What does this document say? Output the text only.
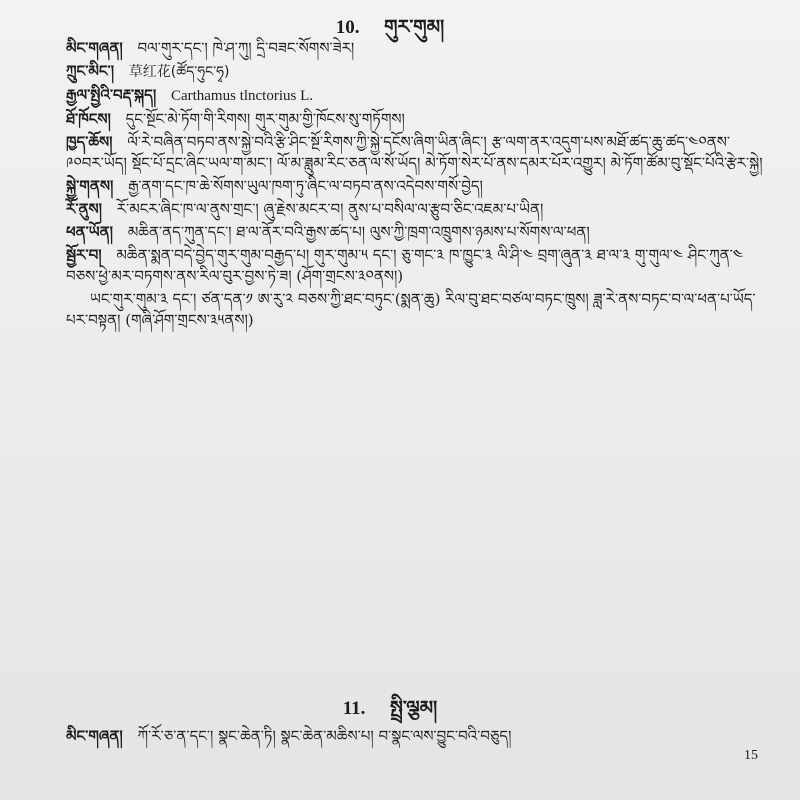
10. གུར་གུམ།

མིང་གཞན། བལ་གུར་དང་། ཁེ་ཤ་ཀུ། དྲི་བཟང་སོགས་ཟེར།

ཀྲུང་མིང་། 草红花(ཚོད་ཧུང་ཧྭ)

རྒྱལ་སྤྱིའི་བརྡ་སྐད། Carthamus tlnctorius L.

ཐོ་ཁོངས། དུང་སྔོང་མེ་ཏོག་གི་རིགས། གུར་གུམ་གྱི་ཁོངས་སུ་གཏོགས།

ཁྱད་ཆོས། ལོ་རེ་བཞིན་བཏབ་ནས་སྐྱེ་བའི་རྩི་ཤིང་སྔོ་རིགས་ཀྱི་སྐྱེ་དངོས་ཞིག་ཡིན་ཞིང་། རྩ་ལག་ནར་འདུག་པས་མཐོ་ཚད་ཆུ་ཚད་༤༠ནས་༩༠བར་ཡོད། སྡོང་པོ་དྲང་ཞིང་ཡལ་ག་མང་། ལོ་མ་ཟླུམ་རིང་ཅན་ལ་སོ་ཡོད། མེ་ཏོག་སེར་པོ་ནས་དམར་པོར་འགྱུར། མེ་ཏོག་ཚོམ་བུ་སྡོང་པོའི་རྩེར་སྐྱེ།

སྐྱེ་གནས། རྒྱ་ནག་དང་ཁ་ཆེ་སོགས་ཡུལ་ཁག་ཏུ་ཞིང་ལ་བཏབ་ནས་འདེབས་གསོ་བྱེད།

རོ་ནུས། རོ་མངར་ཞིང་ཁ་ལ་ནུས་གྲང་། ཞུ་རྗེས་མངར་བ། ནུས་པ་བསིལ་ལ་རྩུབ་ཅིང་འཇམ་པ་ཡིན།

ཕན་ཡོན། མཆིན་ནད་ཀུན་དང་། ཐ་ལ་ནོར་བའི་རྒྱས་ཚད་པ། ལུས་ཀྱི་ཁྲག་འཁྲུགས་ཉམས་པ་སོགས་ལ་ཕན།

སྦྱོར་བ། མཆིན་སྨན་བདེ་བྱེད་གུར་གུམ་བརྒྱད་པ། གུར་གུམ་༥ དང་། ཅུ་གང་༣ ཁ་ཁྱུང་༣ ལི་ཤི་༤ བྲག་ཞུན་༣ ཐ་ལ་༣ གུ་གུལ་༤ ཤིང་ཀུན་༤ བཅས་ཕྱེ་མར་བཏགས་ནས་རིལ་བུར་བྱས་ཏེ་ཟ། (ཤོག་གྲངས་༣༠ནས།)

ཡང་གུར་གུམ་༣ དང་། ཙན་དན་༡ ཨ་རུ་༢ བཅས་ཀྱི་ཐང་བཏུང་(སྨན་ཆུ) རིལ་བུ་ཐང་བཙལ་བཏང་ཁྲུས། ཟླ་རེ་ནས་བཏང་བ་ལ་ཕན་པ་ཡོད་པར་བསྟན། (གཞི་ཤོག་གྲངས་༣༥ནས།)

11. སྤྲི་ལྕམ།

མིང་གཞན། ཀོ་རོ་ཅ་ན་དང་། སྣང་ཆེན་ཏི། སྣང་ཆེན་མཆིས་པ། བ་སྣང་ལས་བྱུང་བའི་བཅུད།

15
